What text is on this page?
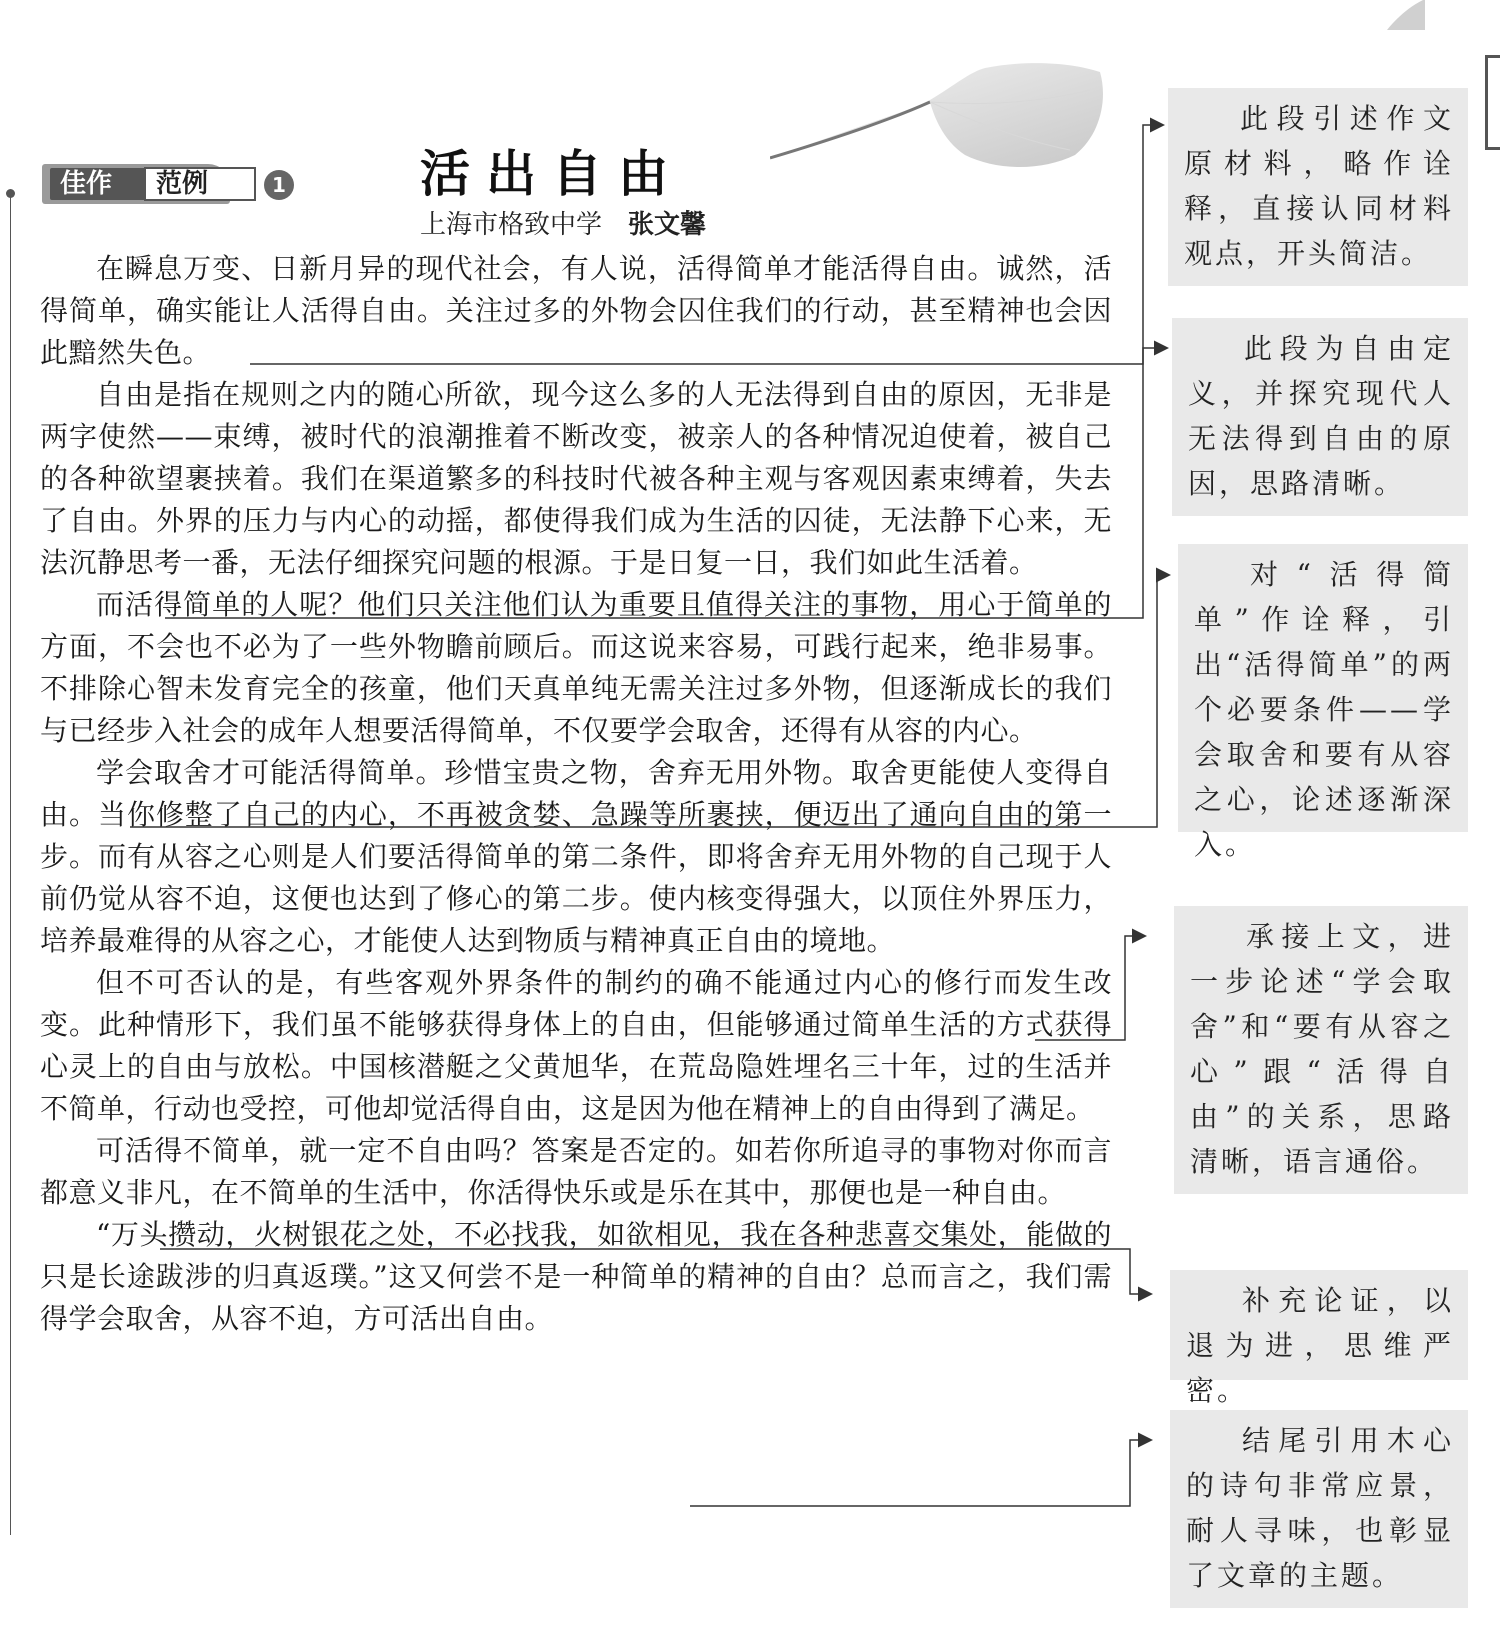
佳作	范例	1	活出自由
上海市格致中学 张文馨

在瞬息万变、日新月异的现代社会，有人说，活得简单才能活得自由。诚然，活得简单，确实能让人活得自由。关注过多的外物会囚住我们的行动，甚至精神也会因此黯然失色。

自由是指在规则之内的随心所欲，现今这么多的人无法得到自由的原因，无非是两字使然——束缚，被时代的浪潮推着不断改变，被亲人的各种情况迫使着，被自己的各种欲望裹挟着。我们在渠道繁多的科技时代被各种主观与客观因素束缚着，失去了自由。外界的压力与内心的动摇，都使得我们成为生活的囚徒，无法静下心来，无法沉静思考一番，无法仔细探究问题的根源。于是日复一日，我们如此生活着。

而活得简单的人呢？他们只关注他们认为重要且值得关注的事物，用心于简单的方面，不会也不必为了一些外物瞻前顾后。而这说来容易，可践行起来，绝非易事。不排除心智未发育完全的孩童，他们天真单纯无需关注过多外物，但逐渐成长的我们与已经步入社会的成年人想要活得简单，不仅要学会取舍，还得有从容的内心。

学会取舍才可能活得简单。珍惜宝贵之物，舍弃无用外物。取舍更能使人变得自由。当你修整了自己的内心，不再被贪婪、急躁等所裹挟，便迈出了通向自由的第一步。而有从容之心则是人们要活得简单的第二条件，即将舍弃无用外物的自己现于人前仍觉从容不迫，这便也达到了修心的第二步。使内核变得强大，以顶住外界压力，培养最难得的从容之心，才能使人达到物质与精神真正自由的境地。

但不可否认的是，有些客观外界条件的制约的确不能通过内心的修行而发生改变。此种情形下，我们虽不能够获得身体上的自由，但能够通过简单生活的方式获得心灵上的自由与放松。中国核潜艇之父黄旭华，在荒岛隐姓埋名三十年，过的生活并不简单，行动也受控，可他却觉活得自由，这是因为他在精神上的自由得到了满足。

可活得不简单，就一定不自由吗？答案是否定的。如若你所追寻的事物对你而言都意义非凡，在不简单的生活中，你活得快乐或是乐在其中，那便也是一种自由。

“万头攒动，火树银花之处，不必找我，如欲相见，我在各种悲喜交集处，能做的只是长途跋涉的归真返璞。”这又何尝不是一种简单的精神的自由？总而言之，我们需得学会取舍，从容不迫，方可活出自由。

此段引述作文原材料，略作诠释，直接认同材料观点，开头简洁。
此段为自由定义，并探究现代人无法得到自由的原因，思路清晰。
对“活得简单”作诠释，引出“活得简单”的两个必要条件——学会取舍和要有从容之心，论述逐渐深入。
承接上文，进一步论述“学会取舍”和“要有从容之心”跟“活得自由”的关系，思路清晰，语言通俗。
补充论证，以退为进，思维严密。
结尾引用木心的诗句非常应景，耐人寻味，也彰显了文章的主题。
